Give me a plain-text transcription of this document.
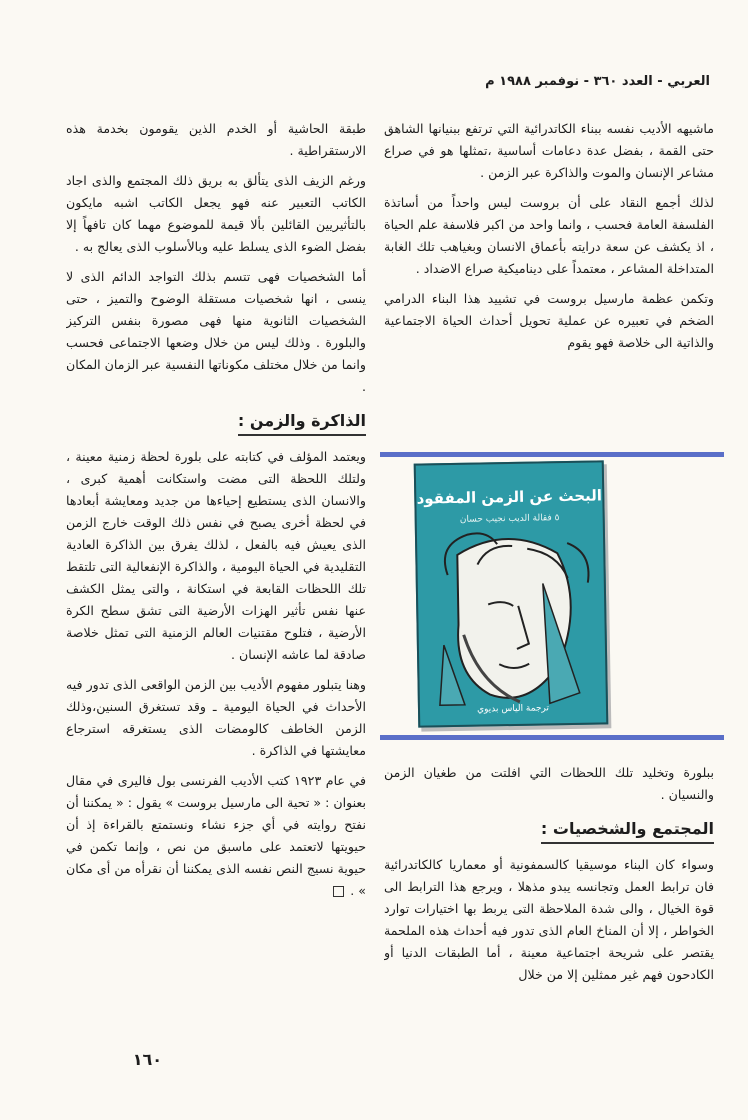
العربي - العدد ٣٦٠ - نوفمبر ١٩٨٨ م

ماشيهه الأديب نفسه ببناء الكاتدرائية التي ترتفع ببنيانها الشاهق حتى القمة ، بفضل عدة دعامات أساسية ،تمثلها هو في صراع مشاعر الإنسان والموت والذاكرة عبر الزمن .

لذلك أجمع النقاد على أن بروست ليس واحداً من أساتذة الفلسفة العامة فحسب ، وانما واحد من اكبر فلاسفة علم الحياة ، اذ يكشف عن سعة درايته بأعماق الانسان وبغياهب تلك الغابة المتداخلة المشاعر ، معتمداً على ديناميكية صراع الاضداد .

وتكمن عظمة مارسيل بروست في تشييد هذا البناء الدرامي الضخم في تعبيره عن عملية تحويل أحداث الحياة الاجتماعية والذاتية الى خلاصة فهو يقوم

البحث عن الزمن المفقود
٥ فقالة الديب نجيب حسان
ترجمة الياس بديوي

طبقة الحاشية أو الخدم الذين يقومون بخدمة هذه الارستقراطية .

ورغم الزيف الذى يتألق به بريق ذلك المجتمع والذى اجاد الكاتب التعبير عنه فهو يجعل الكاتب اشبه مايكون بالتأثيريين القائلين بألا قيمة للموضوع مهما كان تافهاً إلا بفضل الضوء الذى يسلط عليه وبالأسلوب الذى يعالج به .

أما الشخصيات فهى تتسم بذلك التواجد الدائم الذى لا ينسى ، انها شخصيات مستقلة الوضوح والتميز ، حتى الشخصيات الثانوية منها فهى مصورة بنفس التركيز والبلورة . وذلك ليس من خلال وضعها الاجتماعى فحسب وانما من خلال مختلف مكوناتها النفسية عبر الزمان المكان .

الذاكرة والزمن :

ويعتمد المؤلف في كتابته على بلورة لحظة زمنية معينة ، ولتلك اللحظة التى مضت واستكانت أهمية كبرى ، والانسان الذى يستطيع إحياءها من جديد ومعايشة أبعادها في لحظة أخرى يصبح في نفس ذلك الوقت خارج الزمن الذى يعيش فيه بالفعل ، لذلك يفرق بين الذاكرة العادية التقليدية في الحياة اليومية ، والذاكرة الإنفعالية التى تلتقط تلك اللحظات القابعة في استكانة ، والتى يمثل الكشف عنها نفس تأثير الهزات الأرضية التى تشق سطح الكرة الأرضية ، فتلوح مقتنيات العالم الزمنية التى تمثل خلاصة صادقة لما عاشه الإنسان .

وهنا يتبلور مفهوم الأديب بين الزمن الواقعى الذى تدور فيه الأحداث في الحياة اليومية ـ وقد تستغرق السنين،وذلك الزمن الخاطف كالومضات الذى يستغرقه استرجاع معايشتها في الذاكرة .

في عام ١٩٢٣ كتب الأديب الفرنسى بول فاليرى في مقال بعنوان : « تحية الى مارسيل بروست » يقول : « يمكننا أن نفتح روايته في أي جزء نشاء ونستمتع بالقراءة إذ أن حيويتها لاتعتمد على ماسبق من نص ، وإنما تكمن في حيوية نسيج النص نفسه الذى يمكننا أن نقرأه من أى مكان » .

ببلورة وتخليد تلك اللحظات التي افلتت من طغيان الزمن والنسيان .

المجتمع والشخصيات :

وسواء كان البناء موسيقيا كالسمفونية أو معماريا كالكاتدرائية فان ترابط العمل وتجانسه يبدو مذهلا ، ويرجع هذا الترابط الى قوة الخيال ، والى شدة الملاحظة التى يربط بها اختيارات توارد الخواطر ، إلا أن المناخ العام الذى تدور فيه أحداث هذه الملحمة يقتصر على شريحة اجتماعية معينة ، أما الطبقات الدنيا أو الكادحون فهم غير ممثلين إلا من خلال

١٦٠
